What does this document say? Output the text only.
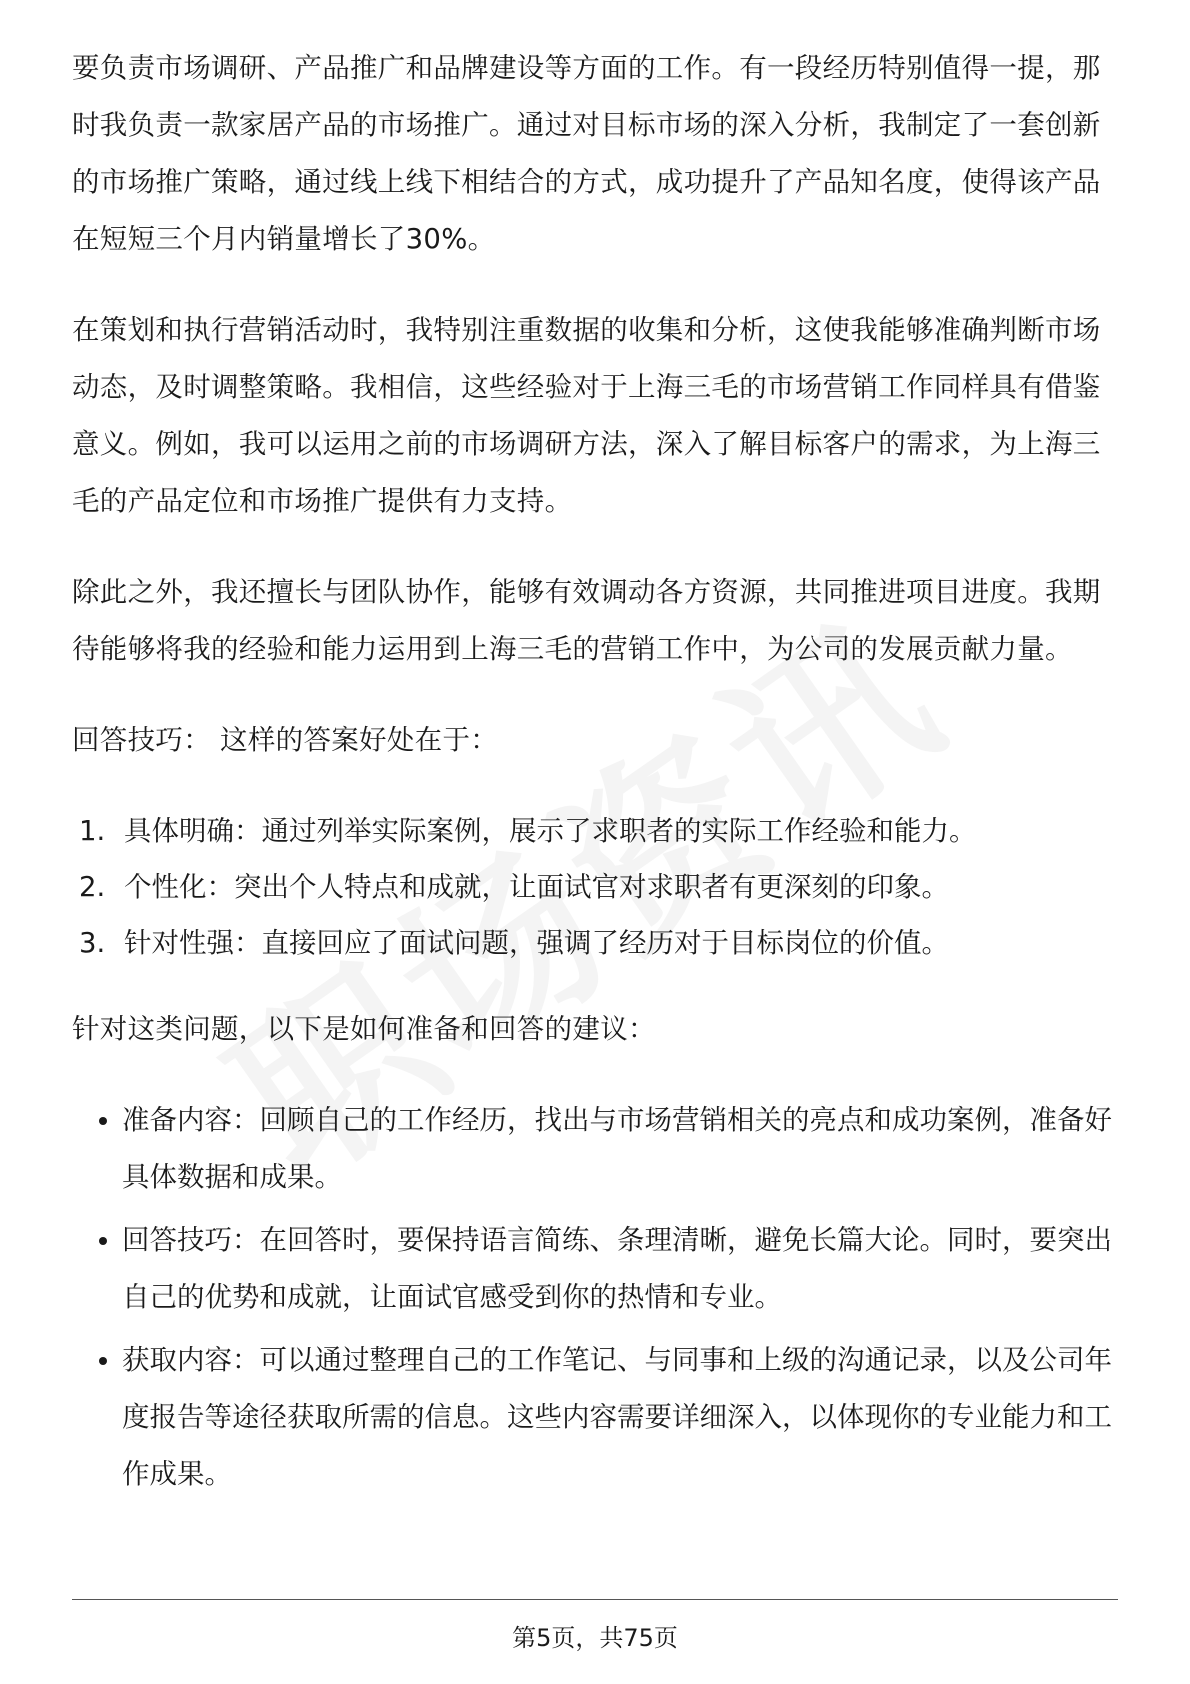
要负责市场调研、产品推广和品牌建设等方面的工作。有一段经历特别值得一提，那时我负责一款家居产品的市场推广。通过对目标市场的深入分析，我制定了一套创新的市场推广策略，通过线上线下相结合的方式，成功提升了产品知名度，使得该产品在短短三个月内销量增长了30%。

在策划和执行营销活动时，我特别注重数据的收集和分析，这使我能够准确判断市场动态，及时调整策略。我相信，这些经验对于上海三毛的市场营销工作同样具有借鉴意义。例如，我可以运用之前的市场调研方法，深入了解目标客户的需求，为上海三毛的产品定位和市场推广提供有力支持。

除此之外，我还擅长与团队协作，能够有效调动各方资源，共同推进项目进度。我期待能够将我的经验和能力运用到上海三毛的营销工作中，为公司的发展贡献力量。

回答技巧： 这样的答案好处在于：

1. 具体明确：通过列举实际案例，展示了求职者的实际工作经验和能力。
2. 个性化：突出个人特点和成就，让面试官对求职者有更深刻的印象。
3. 针对性强：直接回应了面试问题，强调了经历对于目标岗位的价值。

针对这类问题，以下是如何准备和回答的建议：

• 准备内容：回顾自己的工作经历，找出与市场营销相关的亮点和成功案例，准备好具体数据和成果。
• 回答技巧：在回答时，要保持语言简练、条理清晰，避免长篇大论。同时，要突出自己的优势和成就，让面试官感受到你的热情和专业。
• 获取内容：可以通过整理自己的工作笔记、与同事和上级的沟通记录，以及公司年度报告等途径获取所需的信息。这些内容需要详细深入，以体现你的专业能力和工作成果。
第5页，共75页
